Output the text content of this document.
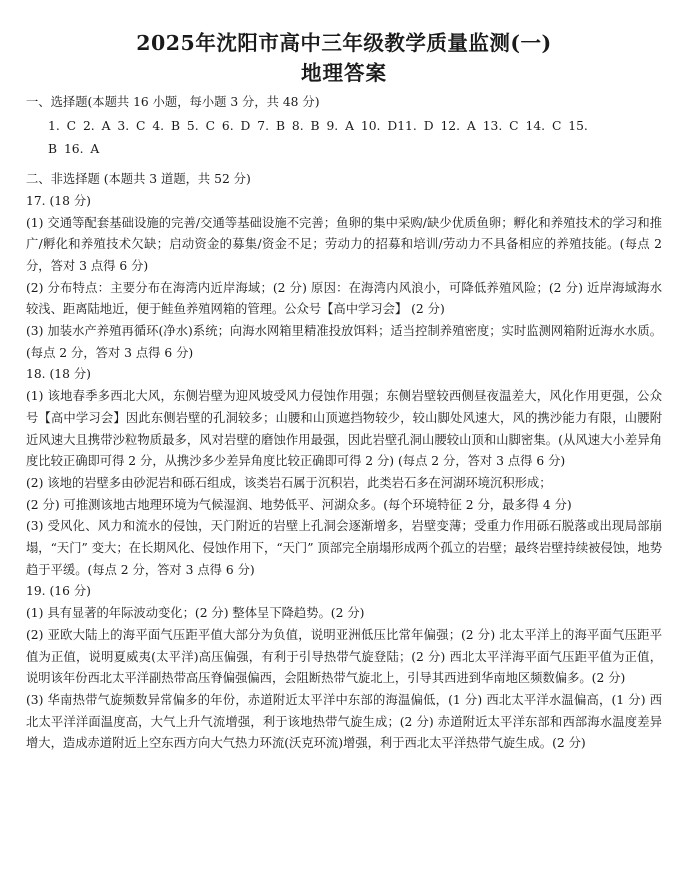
2025年沈阳市高中三年级教学质量监测(一)
地理答案

一、选择题(本题共 16 小题，每小题 3 分，共 48 分)

1. C 2. A 3. C 4. B 5. C 6. D 7. B 8. B 9. A 10. D11. D 12. A 13. C 14. C 15.

B 16. A

二、非选择题 (本题共 3 道题，共 52 分)

17. (18 分)

(1) 交通等配套基础设施的完善/交通等基础设施不完善；鱼卵的集中采购/缺少优质鱼卵；孵化和养殖技术的学习和推广/孵化和养殖技术欠缺；启动资金的募集/资金不足；劳动力的招募和培训/劳动力不具备相应的养殖技能。(每点 2 分，答对 3 点得 6 分)

(2) 分布特点：主要分布在海湾内近岸海域；(2 分) 原因：在海湾内风浪小，可降低养殖风险；(2 分) 近岸海域海水较浅、距离陆地近，便于鲑鱼养殖网箱的管理。公众号【高中学习会】 (2 分)

(3) 加装水产养殖再循环(净水)系统；向海水网箱里精准投放饵料；适当控制养殖密度；实时监测网箱附近海水水质。(每点 2 分，答对 3 点得 6 分)

18. (18 分)

(1) 该地春季多西北大风，东侧岩壁为迎风坡受风力侵蚀作用强；东侧岩壁较西侧昼夜温差大，风化作用更强，公众号【高中学习会】因此东侧岩壁的孔洞较多；山腰和山顶遮挡物较少，较山脚处风速大，风的携沙能力有限，山腰附近风速大且携带沙粒物质最多，风对岩壁的磨蚀作用最强，因此岩壁孔洞山腰较山顶和山脚密集。(从风速大小差异角度比较正确即可得 2 分，从携沙多少差异角度比较正确即可得 2 分) (每点 2 分，答对 3 点得 6 分)

(2) 该地的岩壁多由砂泥岩和砾石组成，该类岩石属于沉积岩，此类岩石多在河湖环境沉积形成；

(2 分) 可推测该地古地理环境为气候湿润、地势低平、河湖众多。(每个环境特征 2 分，最多得 4 分)

(3) 受风化、风力和流水的侵蚀，天门附近的岩壁上孔洞会逐渐增多，岩壁变薄；受重力作用砾石脱落或出现局部崩塌，“天门” 变大；在长期风化、侵蚀作用下，“天门” 顶部完全崩塌形成两个孤立的岩壁；最终岩壁持续被侵蚀，地势趋于平缓。(每点 2 分，答对 3 点得 6 分)

19. (16 分)

(1) 具有显著的年际波动变化；(2 分) 整体呈下降趋势。(2 分)

(2) 亚欧大陆上的海平面气压距平值大部分为负值，说明亚洲低压比常年偏强；(2 分) 北太平洋上的海平面气压距平值为正值，说明夏威夷(太平洋)高压偏强，有利于引导热带气旋登陆；(2 分) 西北太平洋海平面气压距平值为正值，说明该年份西北太平洋副热带高压脊偏强偏西，会阻断热带气旋北上，引导其西进到华南地区频数偏多。(2 分)

(3) 华南热带气旋频数异常偏多的年份，赤道附近太平洋中东部的海温偏低，(1 分) 西北太平洋水温偏高，(1 分) 西北太平洋洋面温度高，大气上升气流增强，利于该地热带气旋生成；(2 分) 赤道附近太平洋东部和西部海水温度差异增大，造成赤道附近上空东西方向大气热力环流(沃克环流)增强，利于西北太平洋热带气旋生成。(2 分)
